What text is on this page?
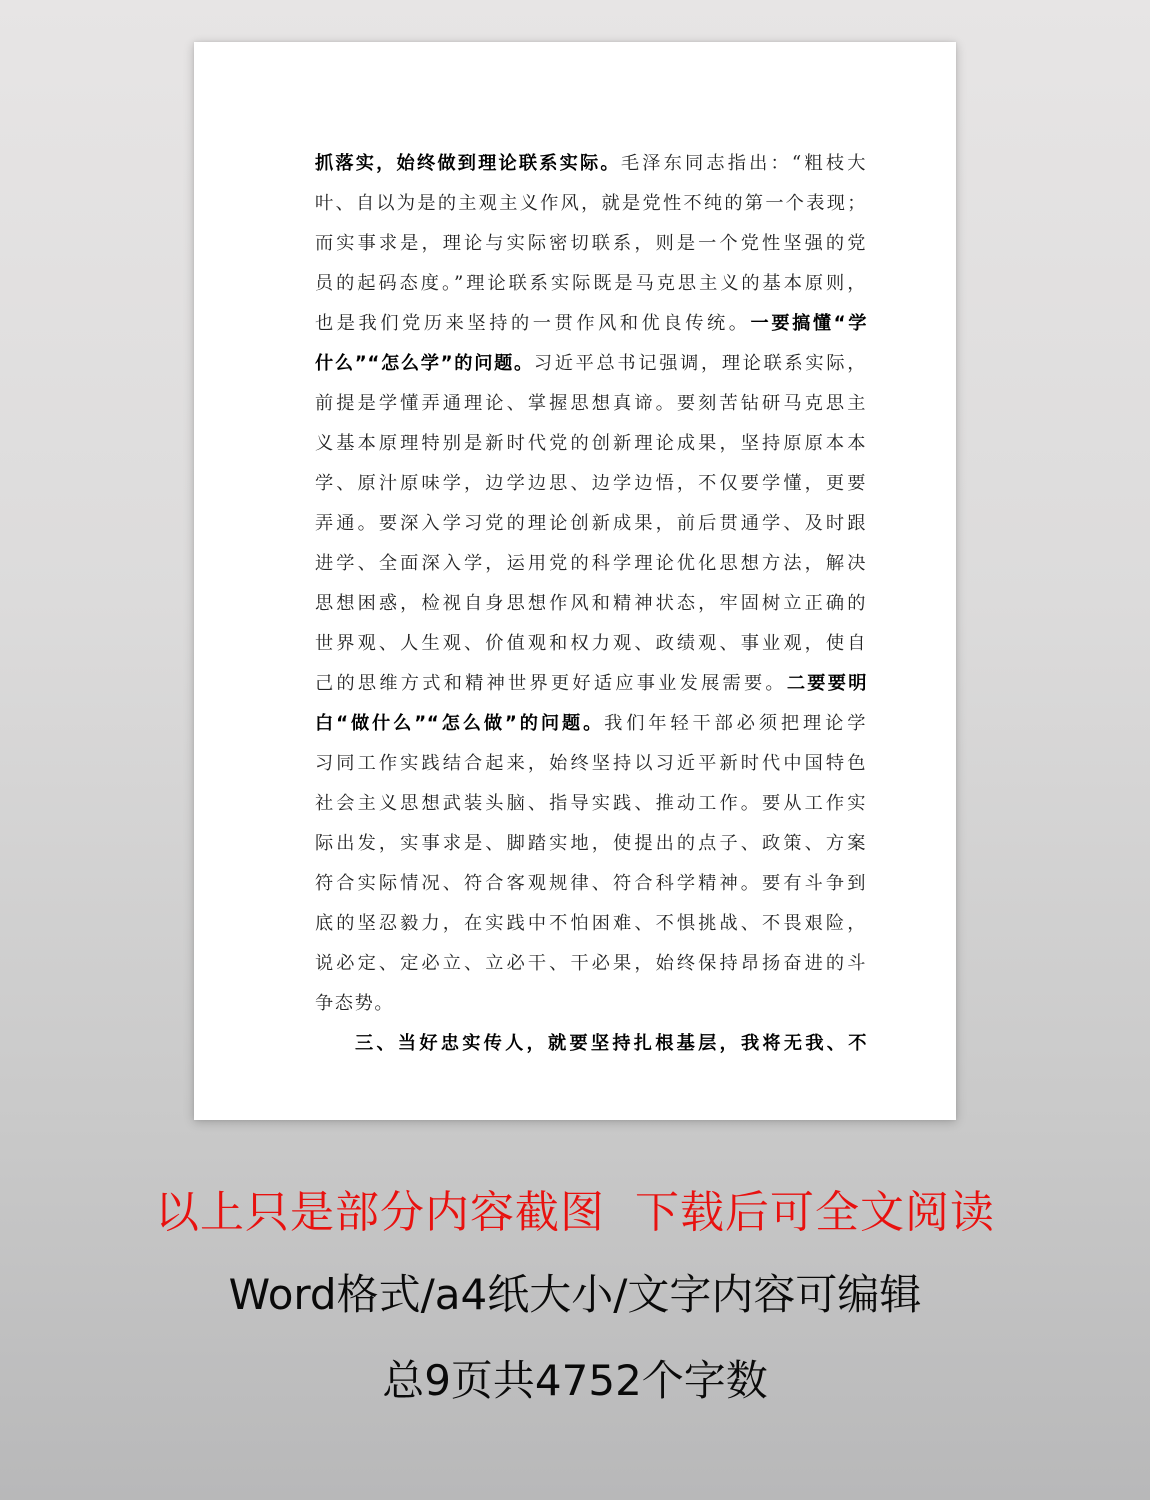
抓落实，始终做到理论联系实际。毛泽东同志指出：“粗枝大
叶、自以为是的主观主义作风，就是党性不纯的第一个表现；
而实事求是，理论与实际密切联系，则是一个党性坚强的党
员的起码态度。”理论联系实际既是马克思主义的基本原则，
也是我们党历来坚持的一贯作风和优良传统。一要搞懂“学
什么”“怎么学”的问题。习近平总书记强调，理论联系实际，
前提是学懂弄通理论、掌握思想真谛。要刻苦钻研马克思主
义基本原理特别是新时代党的创新理论成果，坚持原原本本
学、原汁原味学，边学边思、边学边悟，不仅要学懂，更要
弄通。要深入学习党的理论创新成果，前后贯通学、及时跟
进学、全面深入学，运用党的科学理论优化思想方法，解决
思想困惑，检视自身思想作风和精神状态，牢固树立正确的
世界观、人生观、价值观和权力观、政绩观、事业观，使自
己的思维方式和精神世界更好适应事业发展需要。二要要明
白“做什么”“怎么做”的问题。我们年轻干部必须把理论学
习同工作实践结合起来，始终坚持以习近平新时代中国特色
社会主义思想武装头脑、指导实践、推动工作。要从工作实
际出发，实事求是、脚踏实地，使提出的点子、政策、方案
符合实际情况、符合客观规律、符合科学精神。要有斗争到
底的坚忍毅力，在实践中不怕困难、不惧挑战、不畏艰险，
说必定、定必立、立必干、干必果，始终保持昂扬奋进的斗
争态势。
三、当好忠实传人，就要坚持扎根基层，我将无我、不
以上只是部分内容截图  下载后可全文阅读
Word格式/a4纸大小/文字内容可编辑
总9页共4752个字数
